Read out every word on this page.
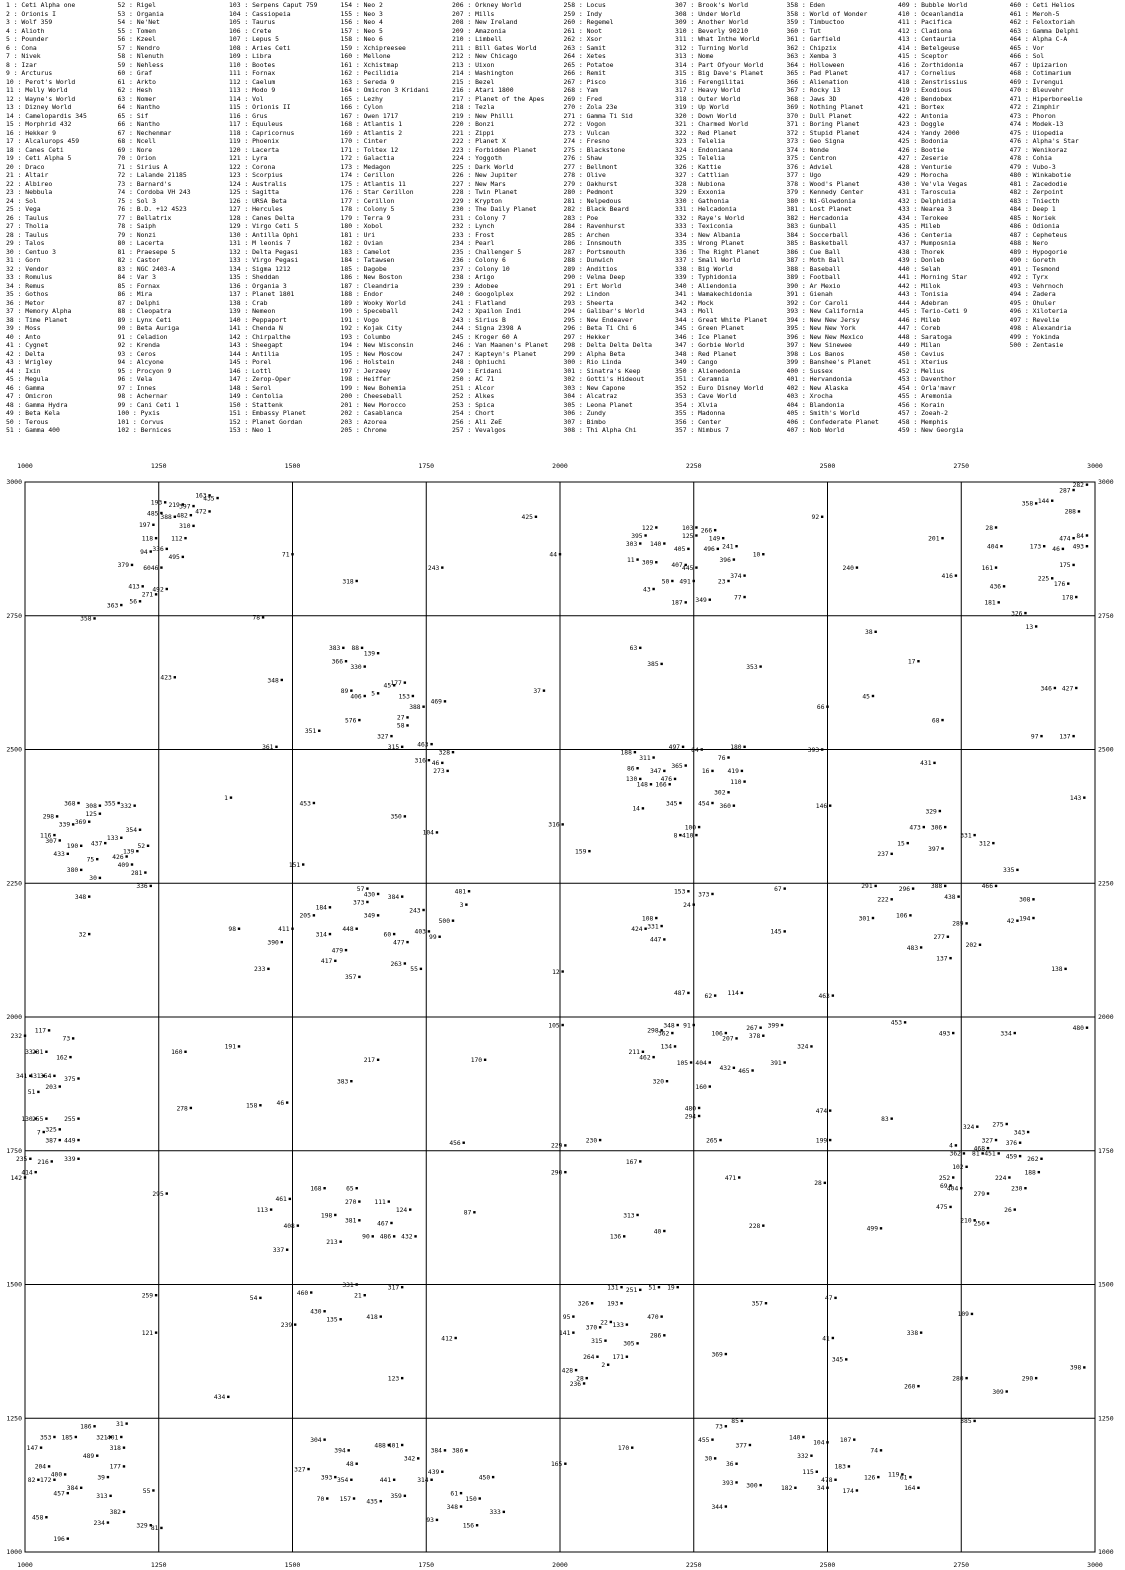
1 : Ceti Alpha one
2 : Orionis I
3 : Wolf 359
4 : Alioth
5 : Pounder
6 : Cona
7 : Nivek
8 : Izar
9 : Arcturus
10 : Perot's World
11 : Melly World
12 : Wayne's World
13 : Dizney World
14 : Camelopardis 345
15 : Morphrid 432
16 : Hekker 9
17 : Alcalurops 459
18 : Canes Ceti
19 : Ceti Alpha 5
20 : Draco
21 : Altair
22 : Albireo
23 : Nebbula
24 : Sol
25 : Vega
26 : Taulus
27 : Tholia
28 : Taulus
29 : Talos
30 : Centuo 3
31 : Gorn
32 : Vendor
33 : Romulus
34 : Remus
35 : Gothos
36 : Metor
37 : Memory Alpha
38 : Time Planet
39 : Moss
40 : Anto
41 : Cygnet
42 : Delta
43 : Wrigley
44 : Ixin
45 : Megula
46 : Gamma
47 : Omicron
48 : Gamma Hydra
49 : Beta Kela
50 : Terous
51 : Gamma 400
52 : Rigel
53 : Organia
54 : Ne'Net
55 : Tomen
56 : Kzeel
57 : Nendro
58 : Nlenuth
59 : Nehless
60 : Graf
61 : Arkto
62 : Hesh
63 : Nomer
64 : Nantho
65 : Sif
66 : Nantho
67 : Nechenmar
68 : Ncell
69 : Nore
70 : Orion
71 : Sirius A
72 : Lalande 21185
73 : Barnard's
74 : Cordoba VH 243
75 : Sol 3
76 : B.D. +12 4523
77 : Bellatrix
78 : Saiph
79 : Nonzi
80 : Lacerta
81 : Praesepe 5
82 : Castor
83 : NGC 2403-A
84 : Var 3
85 : Fornax
86 : Mira
87 : Delphi
88 : Cleopatra
89 : Lynx Ceti
90 : Beta Auriga
91 : Celadion
92 : Krenda
93 : Ceros
94 : Alcyone
95 : Procyon 9
96 : Vela
97 : Innes
98 : Achernar
99 : Cani Ceti 1
100 : Pyxis
101 : Corvus
102 : Bernices
103 : Serpens Caput 759
104 : Cassiopeia
105 : Taurus
106 : Crete
107 : Lepus 5
108 : Aries Ceti
109 : Libra
110 : Bootes
111 : Fornax
112 : Caelum
113 : Modo 9
114 : Vol
115 : Orionis II
116 : Grus
117 : Equuleus
118 : Capricornus
119 : Phoenix
120 : Lacerta
121 : Lyra
122 : Corona
123 : Scorpius
124 : Australis
125 : Sagitta
126 : URSA Beta
127 : Hercules
128 : Canes Delta
129 : Virgo Ceti 5
130 : Antilla Ophi
131 : M leonis 7
132 : Delta Pegasi
133 : Virgo Pegasi
134 : Sigma 1212
135 : Sheddan
136 : Organia 3
137 : Planet 1801
138 : Crab
139 : Nemeon
140 : Peppaport
141 : Chenda N
142 : Chirpalthe
143 : Sheegapt
144 : Antilia
145 : Porel
146 : Lottl
147 : Zerop-Oper
148 : Serol
149 : Centolia
150 : Stattenk
151 : Embassy Planet
152 : Planet Gordan
153 : Neo 1
154 : Neo 2
155 : Neo 3
156 : Neo 4
157 : Neo 5
158 : Neo 6
159 : Xchipreesee
160 : Mellone
161 : Xchistmap
162 : Pecilidia
163 : Sereda 9
164 : Omicron 3 Kridani
165 : Lezhy
166 : Cylon
167 : Owen 1717
168 : Atlantis 1
169 : Atlantis 2
170 : Cinter
171 : Toltex 12
172 : Galactia
173 : Medagon
174 : Cerillon
175 : Atlantis 11
176 : Star Cerillon
177 : Cerillon
178 : Colony 5
179 : Terra 9
180 : Xobol
181 : Uri
182 : Ovian
183 : Camelot
184 : Tatawsen
185 : Dagobe
186 : New Boston
187 : Cleandria
188 : Endor
189 : Wooky World
190 : Speceball
191 : Vogo
192 : Kojak City
193 : Columbo
194 : New Wisconsin
195 : New Moscow
196 : Holstein
197 : Jerzeey
198 : Heiffer
199 : New Bohemia
200 : Cheeseball
201 : New Morocco
202 : Casablanca
203 : Azorea
205 : Chrome
206 : Orkney World
207 : Mills
208 : New Ireland
209 : Amazonia
210 : Limbell
211 : Bill Gates World
212 : New Chicago
213 : Uixon
214 : Washington
215 : Bezel
216 : Atari 1800
217 : Planet of the Apes
218 : Tezla
219 : New Philli
220 : Bonzi
221 : Zippi
222 : Planet X
223 : Forbidden Planet
224 : Yoggoth
225 : Dark World
226 : New Jupiter
227 : New Mars
228 : Twin Planet
229 : Krypton
230 : The Daily Planet
231 : Colony 7
232 : Lynch
233 : Frost
234 : Pearl
235 : Challenger 5
236 : Colony 6
237 : Colony 10
238 : Arigo
239 : Adobee
240 : Googolplex
241 : Flatland
242 : Xpailon Indi
243 : Sirius B
244 : Signa 2398 A
245 : Kroger 60 A
246 : Van Maanen's Planet
247 : Kapteyn's Planet
248 : Ophiuchi
249 : Eridani
250 : AC 71
251 : Alcor
252 : Alkes
253 : Spica
254 : Chort
256 : Ali ZeE
257 : Vevalgos
258 : Locus
259 : Indy
260 : Regemel
261 : Noot
262 : Xsor
263 : Samit
264 : Xetes
265 : Potatoe
266 : Remit
267 : Pisco
268 : Yam
269 : Fred
270 : Zola 23e
271 : Gamma Ti Sid
272 : Vogon
273 : Vulcan
274 : Fresno
275 : Blackstone
276 : Shaw
277 : Bellmont
278 : Olive
279 : Oakhurst
280 : Pedmont
281 : Nelpedous
282 : Black Beard
283 : Poe
284 : Ravenhurst
285 : Archen
286 : Innsmouth
287 : Portsmouth
288 : Dunwich
289 : Anditios
290 : Velma Deep
291 : Ert World
292 : Lindon
293 : Sheerta
294 : Galibar's World
295 : New Endeaver
296 : Beta Ti Chi 6
297 : Hekker
298 : Delta Delta Delta
299 : Alpha Beta
300 : Rio Linda
301 : Sinatra's Keep
302 : Gotti's Hideout
303 : New Capone
304 : Alcatraz
305 : Leona Planet
306 : Zundy
307 : Bimbo
308 : Thi Alpha Chi
307 : Brook's World
308 : Under World
309 : Another World
310 : Beverly 90210
311 : What Inthe World
312 : Turning World
313 : Nome
314 : Part Ofyour World
315 : Big Dave's Planet
316 : Ferengilitai
317 : Heavy World
318 : Outer World
319 : Up World
320 : Down World
321 : Charmed World
322 : Red Planet
323 : Telelia
324 : Endoniana
325 : Telelia
326 : Kattie
327 : Cattlian
328 : Nubiona
329 : Exxonia
330 : Gathonia
331 : Helcadonia
332 : Raye's World
333 : Texiconia
334 : New Albania
335 : Wrong Planet
336 : The Right Planet
337 : Small World
338 : Big World
339 : Typhidonia
340 : Aliendonia
341 : Wamakechidonia
342 : Mock
343 : Moll
344 : Great White Planet
345 : Green Planet
346 : Ice Planet
347 : Gorbie World
348 : Red Planet
349 : Cango
350 : Alienedonia
351 : Ceramnia
352 : Euro Disney World
353 : Cave World
354 : Xlvia
355 : Madonna
356 : Center
357 : Nimbus 7
358 : Eden
358 : World of Wonder
359 : Timbuctoo
360 : Tut
361 : Garfield
362 : Chipzix
363 : Xemba 3
364 : Holloween
365 : Pad Planet
366 : Alienation
367 : Rocky 13
368 : Jaws 3D
369 : Nothing Planet
370 : Dull Planet
371 : Boring Planet
372 : Stupid Planet
373 : Geo Signa
374 : Nonde
375 : Centron
376 : Adviel
377 : Ugo
378 : Wood's Planet
379 : Kennedy Center
380 : Ni-Glowdonia
381 : Lost Planet
382 : Hercadonia
383 : Gunball
384 : Soccerball
385 : Basketball
386 : Cue Ball
387 : Moth Ball
388 : Baseball
389 : Football
390 : Ar Mexio
391 : Gienah
392 : Cor Caroli
393 : New California
394 : New New Jersy
395 : New New York
396 : New New Mexico
397 : New Sinewee
398 : Los Banos
399 : Banshee's Planet
400 : Sussex
401 : Hervandonia
402 : New Alaska
403 : Xrocha
404 : Blandonia
405 : Smith's World
406 : Confederate Planet
407 : Nob World
409 : Bubble World
410 : Oceanlandia
411 : Pacifica
412 : Cladiona
413 : Centauria
414 : Betelgeuse
415 : Sceptor
416 : Zorthidonia
417 : Cornelius
418 : Zenstrissius
419 : Exodious
420 : Bendobex
421 : Bortex
422 : Antonia
423 : Doggle
424 : Yandy 2000
425 : Bodonia
426 : Bootie
427 : Zeserie
428 : Venturie
429 : Morocha
430 : Ve'vla Vegas
431 : Taroscuia
432 : Delphidia
433 : Nearea 3
434 : Terokee
435 : Mileb
436 : Centeria
437 : Mumposnia
438 : Thorek
439 : Donleb
440 : Selah
441 : Morning Star
442 : Milok
443 : Tonisia
444 : Adebran
445 : Terio-Ceti 9
446 : Mileb
447 : Coreb
448 : Saratoga
449 : Milan
450 : Cevius
451 : Xterius
452 : Melius
453 : Daventhor
454 : Orla'mavr
455 : Aremonia
456 : Korain
457 : Zoeah-2
458 : Memphis
459 : New Georgia
460 : Ceti Helios
461 : Meroh-5
462 : Feloxtoriah
463 : Gamma Delphi
464 : Alpha C-A
465 : Vor
466 : Sol
467 : Upizarion
468 : Cotimarium
469 : Ivrengui
470 : Bleuvehr
471 : Hiperboreelie
472 : Zimphir
473 : Phoron
474 : Modek-13
475 : Uiopedia
476 : Alpha's Star
477 : Wenikoraz
478 : Cohia
479 : Vubo-3
480 : Winkabotie
481 : Zacedodie
482 : Zerpoint
483 : Tniecth
484 : Deep 1
485 : Noriek
486 : Odionia
487 : Cepheteus
488 : Nero
489 : Hypogorie
490 : Goreth
491 : Tesmond
492 : Tyrx
493 : Vehrnoch
494 : Zadera
495 : Ohuler
496 : Xiloteria
497 : Revelie
498 : Alexandria
499 : Yokinda
500 : Zentasie
1000
1000
1250
1250
1500
1500
1750
1750
2000
2000
2250
2250
2500
2500
2750
2750
3000
3000
3000	3000
2750	2750
2500	2500
2250	2250
2000	2000
1750	1750
1500	1500
1250	1250
1000	1000
193 219 397
163
435
485
388 482
472
197	310
118	112
94 336
495	71
379 6046
413
271
492
56
363
358	78
318
243
425
44
122
395
303 140
103
125
266
149
405	496 241
10
11 309	407 445
396
374
50 491	23
43
187 349	77
92
240
201
416
358 144
287
282
28
288
404	173
474 84
46 493
161	175
225
176
436
181
326
178
13
38
17
346 427
45
66
68
97	137
423	348
383 88
139
366
330
89
406 5
45 177
153
388
469
37
576	27
58
351
327
315	463
328
361
316 46
273
63
385	353
188
311
497 64	180
76
393
365
86 347	16	419
476
130
148 166	110
302
454 360
14
345
100
8 410
316
159
146
431
143
329
473 306
331
312
15
237
397
335
291	296	388	466
308
222	438
1
453
350
104
151
298
368 308 355 332
125
354
369
339
133
116
307
52
437
190
139
433	426
75
409
380
30
281
336
348
57
430 384
481
373
184	3
205	349
243
500
98	411	448
314	403
99
60
477
32
390
479
417	263
55
233
357
153 373
67
24
108
331
424	145
447
301	106
289	42 194
277
483	202
137
138
12
487	62 114	463
105	348 91
298 362	106
267 399
207 378
134	324
211
462
105 404
432 465
391
453
493	334
480
320
160
480
294
474
83
324	275
343
327 376
232
117
73
33 231
162
341 431 354 375
203
51
130 255	255
325
7
387 449
160
191
217	170
383
278	158	46
456	229
230	265	199
4	468
362 81 451 459 262
235 216 339
414
142
167
290
471
102
188
252	224
230
69 404
279
26
475
210 256
295
168	65
461	270	111
124
113	87
198
381	467
408
90 486 432
213
337
313
40
136
228
28
499
131 251 51 19
331	317
460	21
54
259	47
326	193	357
430
418
135
239
95	470	109
22 133
370
141	286
121
412	315	305
41
338
369
264	171	345
2
428
290
398
28
236
123	280
260
309
434
31
186
85	385
73
353 185	321 401	140
455
304
488 401
147	318	394
104 107
377
384 386	74
489	332
170
342	30
36
177
204	48	165	183
327
400	39
439	115
126 119 61
82 172	393 354	441	314	450	478
393 300
384	182	34	174	164
55
457	313	61
70 157	359
435	150
348
333
344
382
458
234	93
156
329 81
196
